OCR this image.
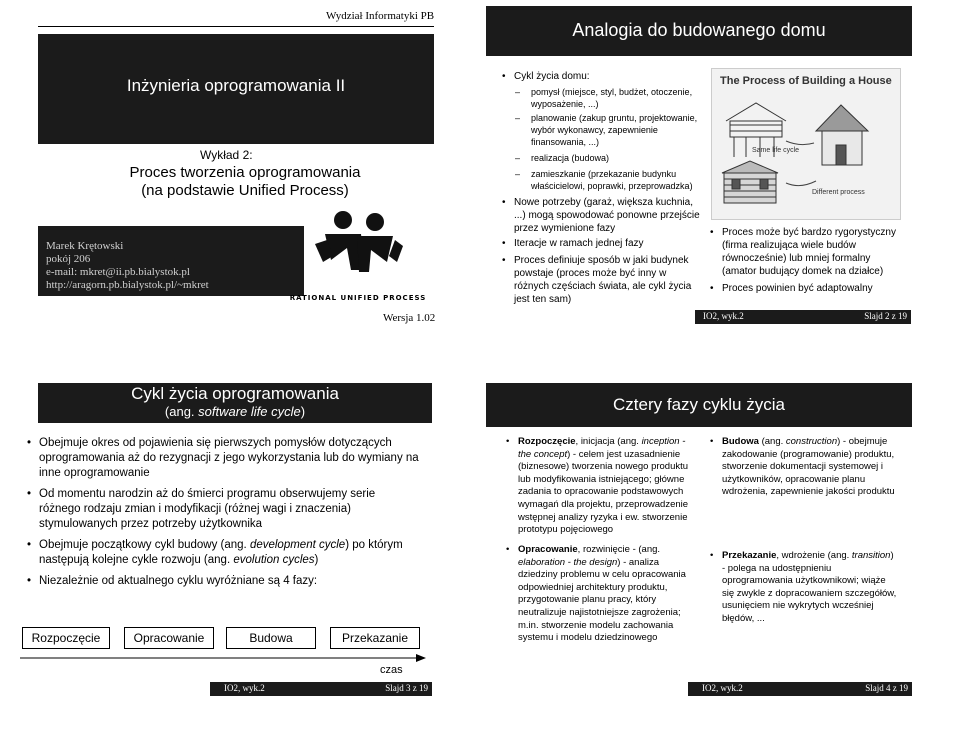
Wydział Informatyki PB
Inżynieria oprogramowania II
Wykład 2:
Proces tworzenia oprogramowania
(na podstawie Unified Process)
Marek Krętowski
pokój 206
e-mail: mkret@ii.pb.bialystok.pl
http://aragorn.pb.bialystok.pl/~mkret
RATIONAL UNIFIED PROCESS
Wersja 1.02
Analogia do budowanego domu
• Cykl życia domu:
– pomysł (miejsce, styl, budżet, otoczenie, wyposażenie, ...)
– planowanie (zakup gruntu, projektowanie, wybór wykonawcy, zapewnienie finansowania, ...)
– realizacja (budowa)
– zamieszkanie (przekazanie budynku właścicielowi, poprawki, przeprowadzka)
• Nowe potrzeby (garaż, większa kuchnia, ...) mogą spowodować ponowne przejście przez wymienione fazy
• Iteracje w ramach jednej fazy
• Proces definiuje sposób w jaki budynek powstaje (proces może być inny w różnych częściach świata, ale cykl życia jest ten sam)
The Process of Building a House
Same life cycle
Different process
• Proces może być bardzo rygorystyczny (firma realizująca wiele budów równocześnie) lub mniej formalny (amator budujący domek na działce)
• Proces powinien być adaptowalny
IO2, wyk.2	Slajd 2 z 19
Cykl życia oprogramowania
(ang. software life cycle)
• Obejmuje okres od pojawienia się pierwszych pomysłów dotyczących oprogramowania aż do rezygnacji z jego wykorzystania lub do wymiany na inne oprogramowanie
• Od momentu narodzin aż do śmierci programu obserwujemy serie różnego rodzaju zmian i modyfikacji (różnej wagi i znaczenia) stymulowanych przez potrzeby użytkownika
• Obejmuje początkowy cykl budowy (ang. development cycle) po którym następują kolejne cykle rozwoju (ang. evolution cycles)
• Niezależnie od aktualnego cyklu wyróżniane są 4 fazy:
Rozpoczęcie	Opracowanie	Budowa	Przekazanie
czas
IO2, wyk.2	Slajd 3 z 19
Cztery fazy cyklu życia
• Rozpoczęcie, inicjacja (ang. inception -the concept) - celem jest uzasadnienie (biznesowe) tworzenia nowego produktu lub modyfikowania istniejącego; główne zadania to opracowanie podstawowych wymagań dla projektu, przeprowadzenie wstępnej analizy ryzyka i ew. stworzenie prototypu pojęciowego
• Opracowanie, rozwinięcie - (ang. elaboration - the design) - analiza dziedziny problemu w celu opracowania odpowiedniej architektury produktu, przygotowanie planu pracy, który neutralizuje najistotniejsze zagrożenia; m.in. stworzenie modelu zachowania systemu i modelu dziedzinowego
• Budowa (ang. construction) - obejmuje zakodowanie (programowanie) produktu, stworzenie dokumentacji systemowej i użytkowników, opracowanie planu wdrożenia, zapewnienie jakości produktu
• Przekazanie, wdrożenie (ang. transition) - polega na udostępnieniu oprogramowania użytkownikowi; wiąże się zwykle z dopracowaniem szczegółów, usunięciem nie wykrytych wcześniej błędów, ...
IO2, wyk.2	Slajd 4 z 19
